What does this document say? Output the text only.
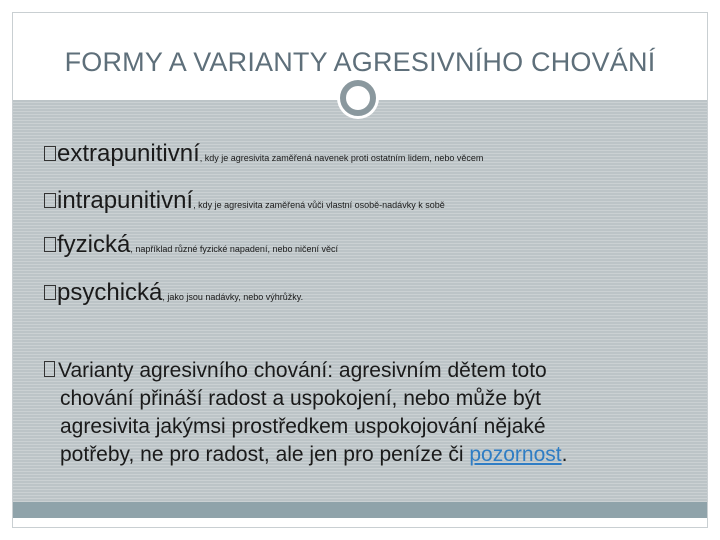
FORMY A VARIANTY AGRESIVNÍHO CHOVÁNÍ
extrapunitivní, kdy je agresivita zaměřená navenek proti ostatním lidem, nebo věcem
intrapunitivní, kdy je agresivita zaměřená vůči vlastní osobě-nadávky k sobě
fyzická, například různé fyzické napadení, nebo ničení věcí
psychická, jako jsou nadávky, nebo výhrůžky.
Varianty agresivního chování: agresivním dětem toto
chování přináší radost a uspokojení, nebo může být
agresivita jakýmsi prostředkem uspokojování nějaké
potřeby, ne pro radost, ale jen pro peníze či pozornost.
